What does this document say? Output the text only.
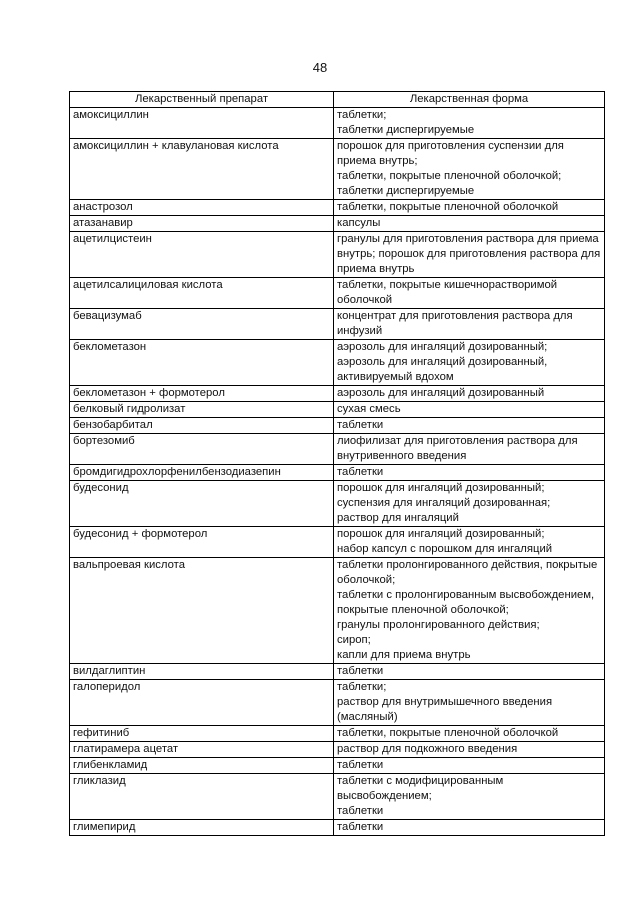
48
Лекарственный препарат	Лекарственная форма
амоксициллин	таблетки;
таблетки диспергируемые

амоксициллин + клавулановая кислота	порошок для приготовления суспензии для приема внутрь;
таблетки, покрытые пленочной оболочкой;
таблетки диспергируемые

анастрозол	таблетки, покрытые пленочной оболочкой

атазанавир	капсулы

ацетилцистеин	гранулы для приготовления раствора для приема внутрь; порошок для приготовления раствора для приема внутрь

ацетилсалициловая кислота	таблетки, покрытые кишечнорастворимой оболочкой

бевацизумаб	концентрат для приготовления раствора для инфузий

беклометазон	аэрозоль для ингаляций дозированный;
аэрозоль для ингаляций дозированный, активируемый вдохом

беклометазон + формотерол	аэрозоль для ингаляций дозированный

белковый гидролизат	сухая смесь

бензобарбитал	таблетки

бортезомиб	лиофилизат для приготовления раствора для внутривенного введения

бромдигидрохлорфенилбензодиазепин	таблетки

будесонид	порошок для ингаляций дозированный;
суспензия для ингаляций дозированная;
раствор для ингаляций

будесонид + формотерол	порошок для ингаляций дозированный;
набор капсул с порошком для ингаляций

вальпроевая кислота	таблетки пролонгированного действия, покрытые оболочкой;
таблетки с пролонгированным высвобождением, покрытые пленочной оболочкой;
гранулы пролонгированного действия;
сироп;
капли для приема внутрь

вилдаглиптин	таблетки

галоперидол	таблетки;
раствор для внутримышечного введения (масляный)

гефитиниб	таблетки, покрытые пленочной оболочкой

глатирамера ацетат	раствор для подкожного введения

глибенкламид	таблетки

гликлазид	таблетки с модифицированным высвобождением;
таблетки

глимепирид	таблетки
